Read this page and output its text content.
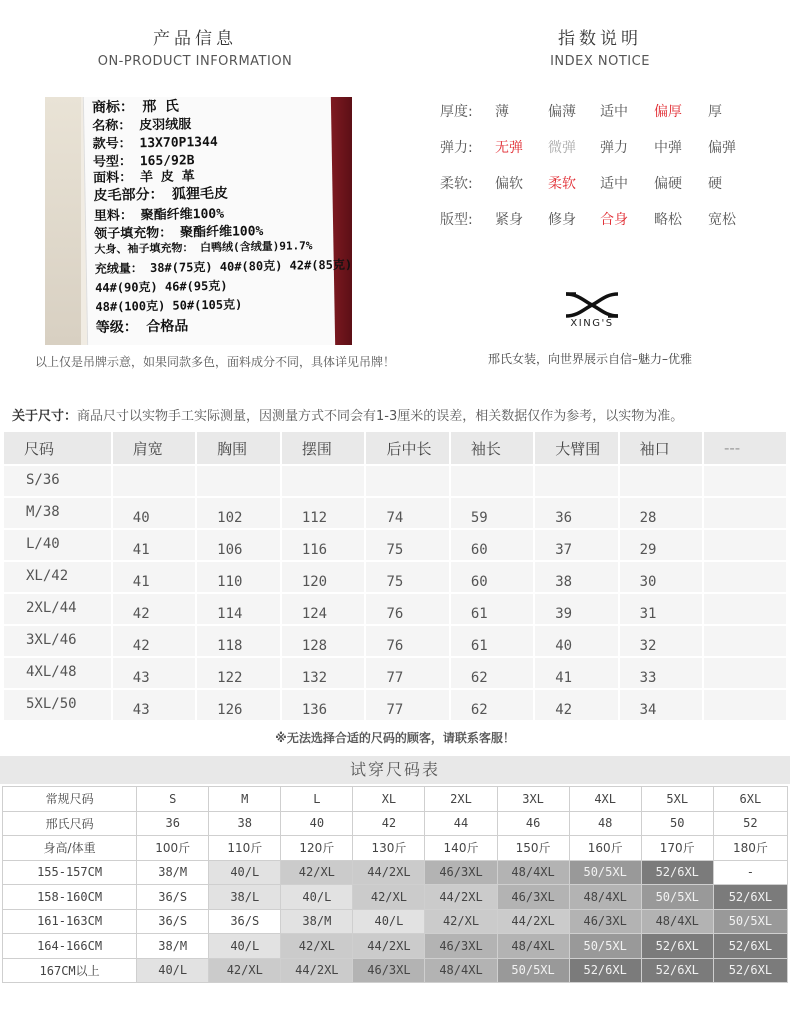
产品信息
ON-PRODUCT INFORMATION
商标： 邢 氏
名称： 皮羽绒服
款号： 13X70P1344
号型： 165/92B
面料： 羊 皮 革
皮毛部分： 狐狸毛皮
里料： 聚酯纤维100%
领子填充物： 聚酯纤维100%
大身、袖子填充物： 白鸭绒(含绒量)91.7%
充绒量： 38#(75克) 40#(80克) 42#(85克)
44#(90克) 46#(95克)
48#(100克) 50#(105克)
等级： 合格品
以上仅是吊牌示意，如果同款多色，面料成分不同，具体详见吊牌！
指数说明
INDEX NOTICE
厚度: 薄	偏薄 适中 偏厚 厚
弹力: 无弹 微弹 弹力 中弹 偏弹
柔软: 偏软 柔软 适中 偏硬 硬
版型: 紧身 修身 合身 略松 宽松
XING'S
邢氏女装，向世界展示自信–魅力–优雅
关于尺寸：商品尺寸以实物手工实际测量，因测量方式不同会有1-3厘米的误差，相关数据仅作为参考，以实物为准。
尺码	肩宽	胸围	摆围	后中长	袖长	大臂围	袖口	---
S/36								
M/38	40	102	112	74	59	36	28	
L/40	41	106	116	75	60	37	29	
XL/42	41	110	120	75	60	38	30	
2XL/44	42	114	124	76	61	39	31	
3XL/46	42	118	128	76	61	40	32	
4XL/48	43	122	132	77	62	41	33	
5XL/50	43	126	136	77	62	42	34	
※无法选择合适的尺码的顾客，请联系客服！
试穿尺码表
常规尺码	S	M	L	XL	2XL	3XL	4XL	5XL	6XL
邢氏尺码	36	38	40	42	44	46	48	50	52
身高/体重	100斤	110斤	120斤	130斤	140斤	150斤	160斤	170斤	180斤
155-157CM	38/M	40/L	42/XL	44/2XL	46/3XL	48/4XL	50/5XL	52/6XL	-
158-160CM	36/S	38/L	40/L	42/XL	44/2XL	46/3XL	48/4XL	50/5XL	52/6XL
161-163CM	36/S	36/S	38/M	40/L	42/XL	44/2XL	46/3XL	48/4XL	50/5XL
164-166CM	38/M	40/L	42/XL	44/2XL	46/3XL	48/4XL	50/5XL	52/6XL	52/6XL
167CM以上	40/L	42/XL	44/2XL	46/3XL	48/4XL	50/5XL	52/6XL	52/6XL	52/6XL
